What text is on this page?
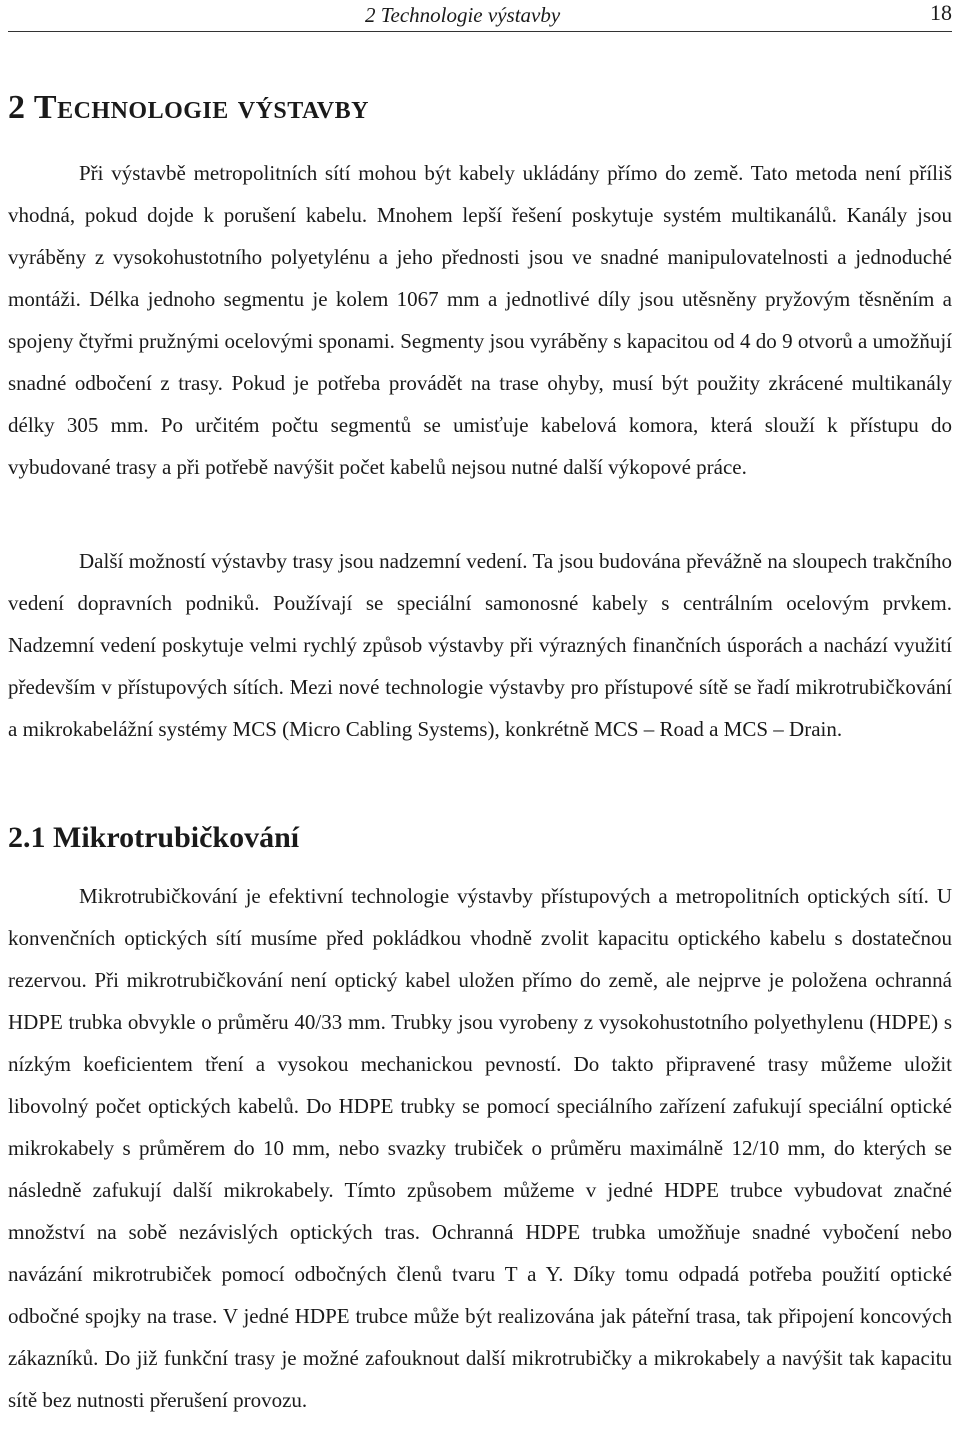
2 Technologie výstavby	18
2 Technologie výstavby

Při výstavbě metropolitních sítí mohou být kabely ukládány přímo do země. Tato metoda není příliš vhodná, pokud dojde k porušení kabelu. Mnohem lepší řešení poskytuje systém multikanálů. Kanály jsou vyráběny z vysokohustotního polyetylénu a jeho přednosti jsou ve snadné manipulovatelnosti a jednoduché montáži. Délka jednoho segmentu je kolem 1067 mm a jednotlivé díly jsou utěsněny pryžovým těsněním a spojeny čtyřmi pružnými ocelovými sponami. Segmenty jsou vyráběny s kapacitou od 4 do 9 otvorů a umožňují snadné odbočení z trasy. Pokud je potřeba provádět na trase ohyby, musí být použity zkrácené multikanály délky 305 mm. Po určitém počtu segmentů se umisťuje kabelová komora, která slouží k přístupu do vybudované trasy a při potřebě navýšit počet kabelů nejsou nutné další výkopové práce.

Další možností výstavby trasy jsou nadzemní vedení. Ta jsou budována převážně na sloupech trakčního vedení dopravních podniků. Používají se speciální samonosné kabely s centrálním ocelovým prvkem. Nadzemní vedení poskytuje velmi rychlý způsob výstavby při výrazných finančních úsporách a nachází využití především v přístupových sítích. Mezi nové technologie výstavby pro přístupové sítě se řadí mikrotrubičkování a mikrokabelážní systémy MCS (Micro Cabling Systems), konkrétně MCS – Road a MCS – Drain.

2.1 Mikrotrubičkování

Mikrotrubičkování je efektivní technologie výstavby přístupových a metropolitních optických sítí. U konvenčních optických sítí musíme před pokládkou vhodně zvolit kapacitu optického kabelu s dostatečnou rezervou. Při mikrotrubičkování není optický kabel uložen přímo do země, ale nejprve je položena ochranná HDPE trubka obvykle o průměru 40/33 mm. Trubky jsou vyrobeny z vysokohustotního polyethylenu (HDPE) s nízkým koeficientem tření a vysokou mechanickou pevností. Do takto připravené trasy můžeme uložit libovolný počet optických kabelů. Do HDPE trubky se pomocí speciálního zařízení zafukují speciální optické mikrokabely s průměrem do 10 mm, nebo svazky trubiček o průměru maximálně 12/10 mm, do kterých se následně zafukují další mikrokabely. Tímto způsobem můžeme v jedné HDPE trubce vybudovat značné množství na sobě nezávislých optických tras. Ochranná HDPE trubka umožňuje snadné vybočení nebo navázání mikrotrubiček pomocí odbočných členů tvaru T a Y. Díky tomu odpadá potřeba použití optické odbočné spojky na trase. V jedné HDPE trubce může být realizována jak páteřní trasa, tak připojení koncových zákazníků. Do již funkční trasy je možné zafouknout další mikrotrubičky a mikrokabely a navýšit tak kapacitu sítě bez nutnosti přerušení provozu.
